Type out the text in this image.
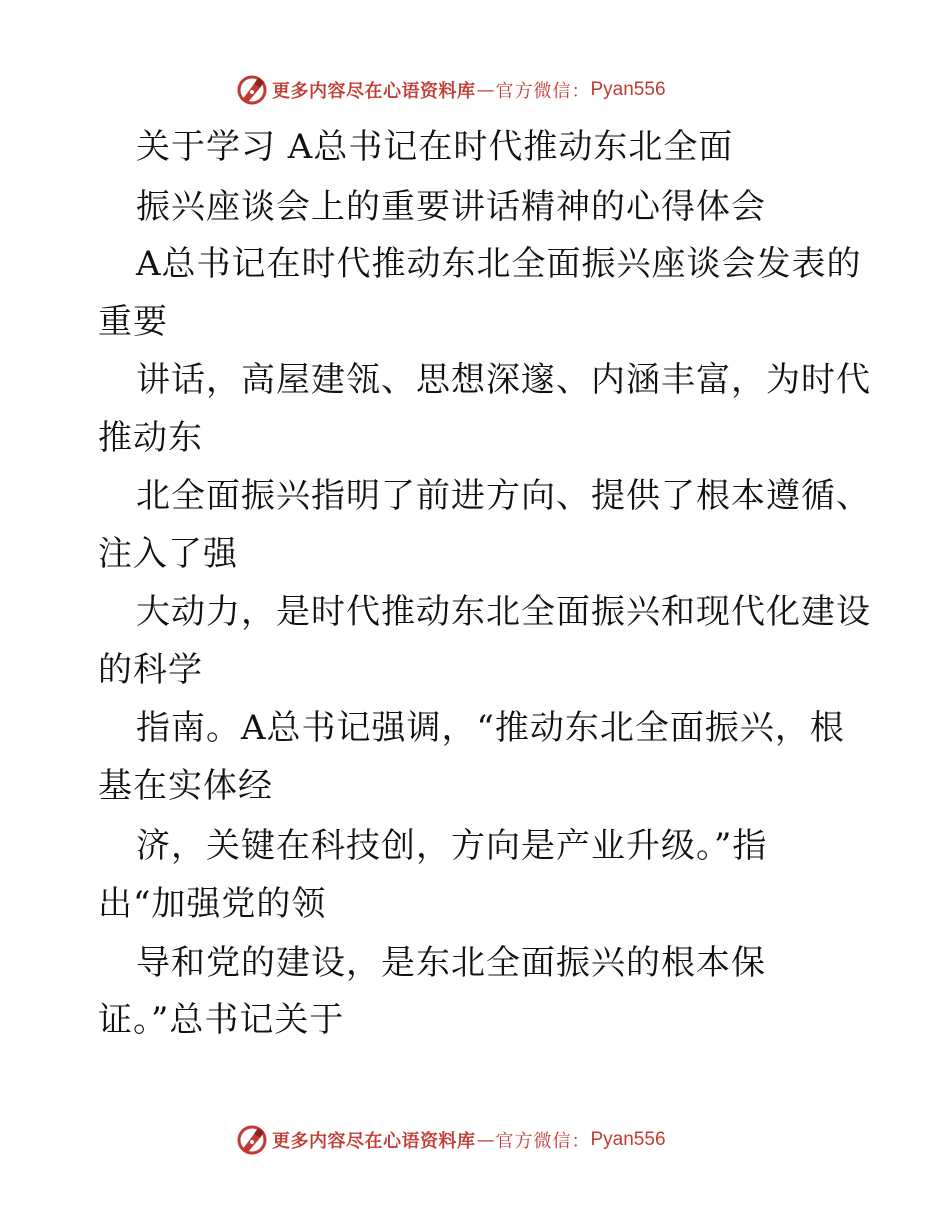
更多内容尽在心语资料库 — 官方微信： Pyan556
关于学习 A总书记在时代推动东北全面
振兴座谈会上的重要讲话精神的心得体会
A总书记在时代推动东北全面振兴座谈会发表的
重要
讲话，高屋建瓴、思想深邃、内涵丰富，为时代
推动东
北全面振兴指明了前进方向、提供了根本遵循、
注入了强
大动力，是时代推动东北全面振兴和现代化建设
的科学
指南。A总书记强调，“推动东北全面振兴，根
基在实体经
济，关键在科技创，方向是产业升级。”指
出“加强党的领
导和党的建设，是东北全面振兴的根本保
证。”总书记关于
更多内容尽在心语资料库 — 官方微信： Pyan556
